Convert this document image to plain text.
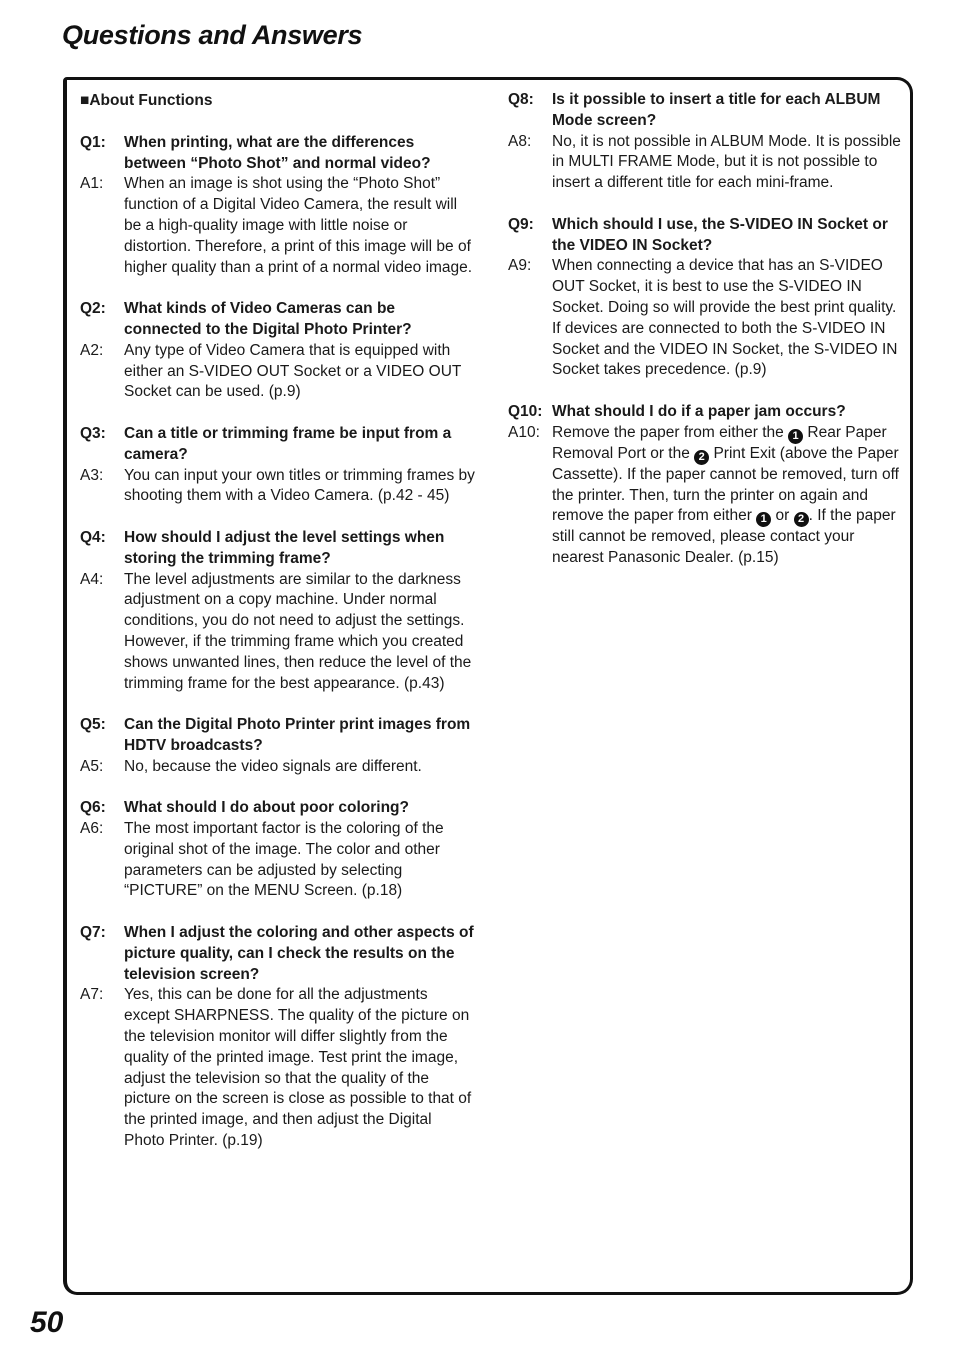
Questions and Answers
■About Functions
Q1:	When printing, what are the differences between “Photo Shot” and normal video?
A1:	When an image is shot using the “Photo Shot” function of a Digital Video Camera, the result will be a high-quality image with little noise or distortion. Therefore, a print of this image will be of higher quality than a print of a normal video image.
Q2:	What kinds of Video Cameras can be connected to the Digital Photo Printer?
A2:	Any type of Video Camera that is equipped with either an S-VIDEO OUT Socket or a VIDEO OUT Socket can be used. (p.9)
Q3:	Can a title or trimming frame be input from a camera?
A3:	You can input your own titles or trimming frames by shooting them with a Video Camera. (p.42 - 45)
Q4:	How should I adjust the level settings when storing the trimming frame?
A4:	The level adjustments are similar to the darkness adjustment on a copy machine. Under normal conditions, you do not need to adjust the settings. However, if the trimming frame which you created shows unwanted lines, then reduce the level of the trimming frame for the best appearance. (p.43)
Q5:	Can the Digital Photo Printer print images from HDTV broadcasts?
A5:	No, because the video signals are different.
Q6:	What should I do about poor coloring?
A6:	The most important factor is the coloring of the original shot of the image. The color and other parameters can be adjusted by selecting “PICTURE” on the MENU Screen. (p.18)
Q7:	When I adjust the coloring and other aspects of picture quality, can I check the results on the television screen?
A7:	Yes, this can be done for all the adjustments except SHARPNESS. The quality of the picture on the television monitor will differ slightly from the quality of the printed image. Test print the image, adjust the television so that the quality of the picture on the screen is close as possible to that of the printed image, and then adjust the Digital Photo Printer. (p.19)
Q8:	Is it possible to insert a title for each ALBUM Mode screen?
A8:	No, it is not possible in ALBUM Mode. It is possible in MULTI FRAME Mode, but it is not possible to insert a different title for each mini-frame.
Q9:	Which should I use, the S-VIDEO IN Socket or the VIDEO IN Socket?
A9:	When connecting a device that has an S-VIDEO OUT Socket, it is best to use the S-VIDEO IN Socket. Doing so will provide the best print quality.
If devices are connected to both the S-VIDEO IN Socket and the VIDEO IN Socket, the S-VIDEO IN Socket takes precedence. (p.9)
Q10: What should I do if a paper jam occurs?
A10: Remove the paper from either the 1 Rear Paper Removal Port or the 2 Print Exit (above the Paper Cassette). If the paper cannot be removed, turn off the printer. Then, turn the printer on again and remove the paper from either 1 or 2 . If the paper still cannot be removed, please contact your nearest Panasonic Dealer. (p.15)
50
